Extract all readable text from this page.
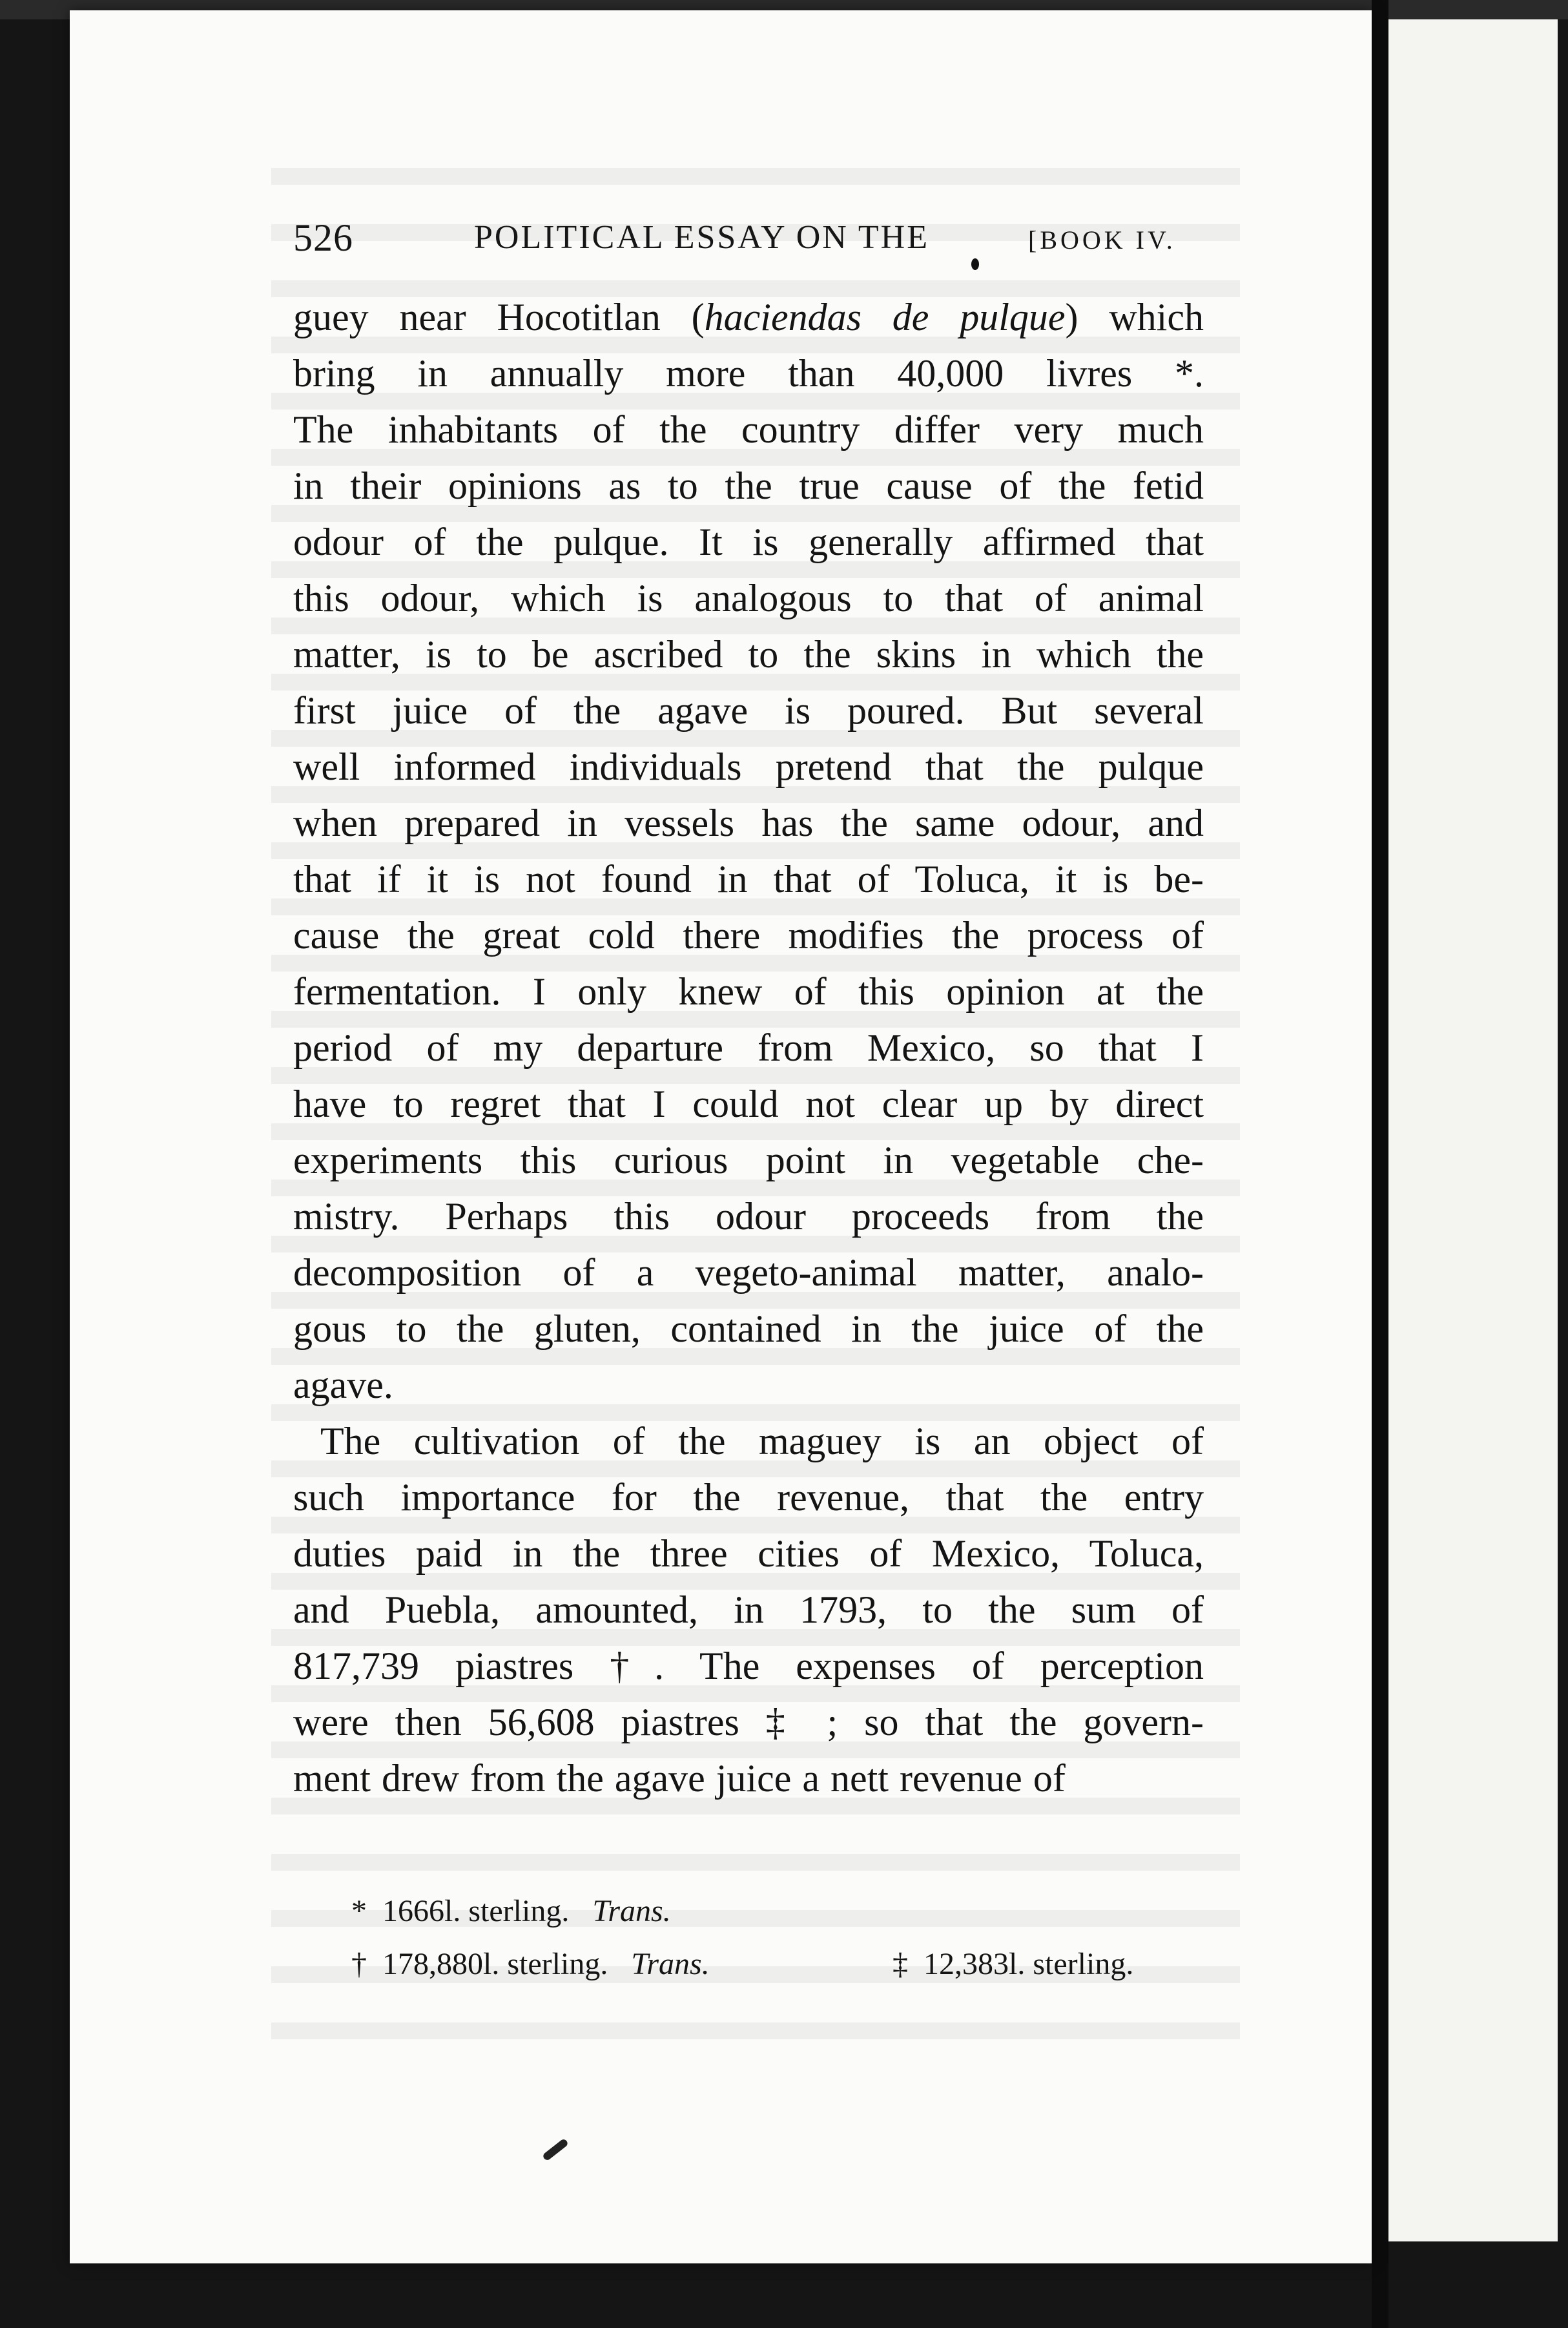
526	POLITICAL ESSAY ON THE	[BOOK IV.
guey near Hocotitlan (haciendas de pulque) which
bring in annually more than 40,000 livres *.
The inhabitants of the country differ very much
in their opinions as to the true cause of the fetid
odour of the pulque. It is generally affirmed that
this odour, which is analogous to that of animal
matter, is to be ascribed to the skins in which the
first juice of the agave is poured. But several
well informed individuals pretend that the pulque
when prepared in vessels has the same odour, and
that if it is not found in that of Toluca, it is be-
cause the great cold there modifies the process of
fermentation. I only knew of this opinion at the
period of my departure from Mexico, so that I
have to regret that I could not clear up by direct
experiments this curious point in vegetable che-
mistry. Perhaps this odour proceeds from the
decomposition of a vegeto-animal matter, analo-
gous to the gluten, contained in the juice of the
agave.
The cultivation of the maguey is an object of
such importance for the revenue, that the entry
duties paid in the three cities of Mexico, Toluca,
and Puebla, amounted, in 1793, to the sum of
817,739 piastres †. The expenses of perception
were then 56,608 piastres ‡ ; so that the govern-
ment drew from the agave juice a nett revenue of
* 1666l. sterling. Trans.
† 178,880l. sterling. Trans.	‡ 12,383l. sterling.
